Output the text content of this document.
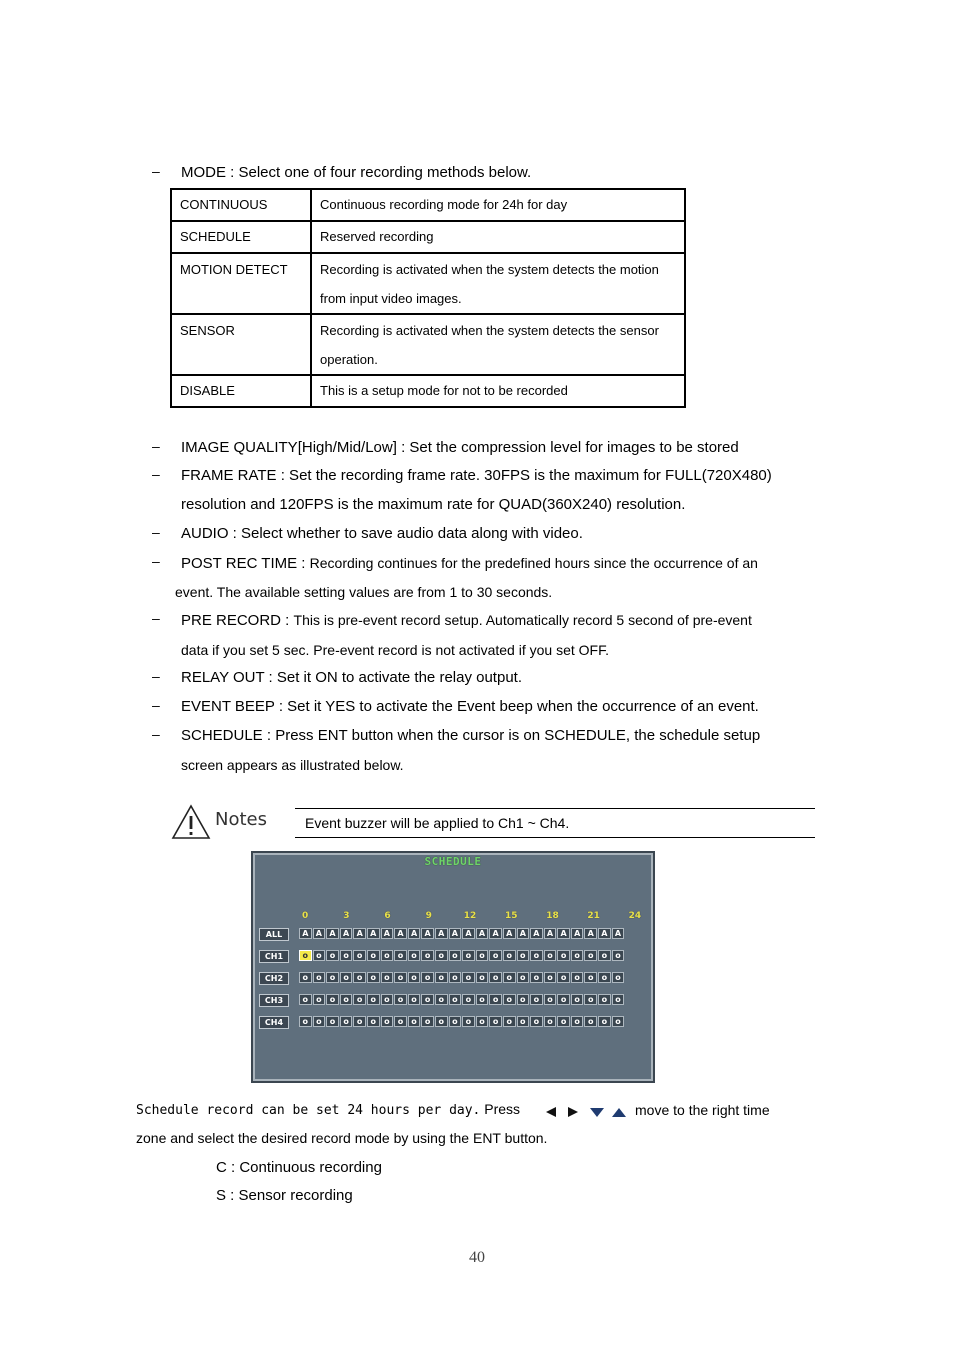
– MODE : Select one of four recording methods below.
CONTINUOUS	Continuous recording mode for 24h for day
SCHEDULE	Reserved recording
MOTION DETECT	Recording is activated when the system detects the motion
from input video images.

SENSOR	Recording is activated when the system detects the sensor
operation.

DISABLE	This is a setup mode for not to be recorded
– IMAGE QUALITY[High/Mid/Low] : Set the compression level for images to be stored
– FRAME RATE : Set the recording frame rate. 30FPS is the maximum for FULL(720X480)
resolution and 120FPS is the maximum rate for QUAD(360X240) resolution.
– AUDIO : Select whether to save audio data along with video.
– POST REC TIME : Recording continues for the predefined hours since the occurrence of an
event. The available setting values are from 1 to 30 seconds.
– PRE RECORD : This is pre-event record setup. Automatically record 5 second of pre-event
data if you set 5 sec. Pre-event record is not activated if you set OFF.
– RELAY OUT : Set it ON to activate the relay output.
– EVENT BEEP : Set it YES to activate the Event beep when the occurrence of an event.
– SCHEDULE : Press ENT button when the cursor is on SCHEDULE, the schedule setup
screen appears as illustrated below.
Notes	Event buzzer will be applied to Ch1 ~ Ch4.
SCHEDULE
0	3	6	9	12	15	18	21	24
ALL	A A A A A A A A A A A A A A A A A A A A A A A A
CH1	o	o	o	o	o	o	o	o	o	o	o	o	o	o	o	o	o	o	o	o	o	o	o	o
CH2	o	o	o	o	o	o	o	o	o	o	o	o	o	o	o	o	o	o	o	o	o	o	o	o
CH3	o	o	o	o	o	o	o	o	o	o	o	o	o	o	o	o	o	o	o	o	o	o	o	o
CH4	o	o	o	o	o	o	o	o	o	o	o	o	o	o	o	o	o	o	o	o	o	o	o	o
Schedule record can be set 24 hours per day. Press	move to the right time
zone and select the desired record mode by using the ENT button.
C : Continuous recording
S : Sensor recording
40
